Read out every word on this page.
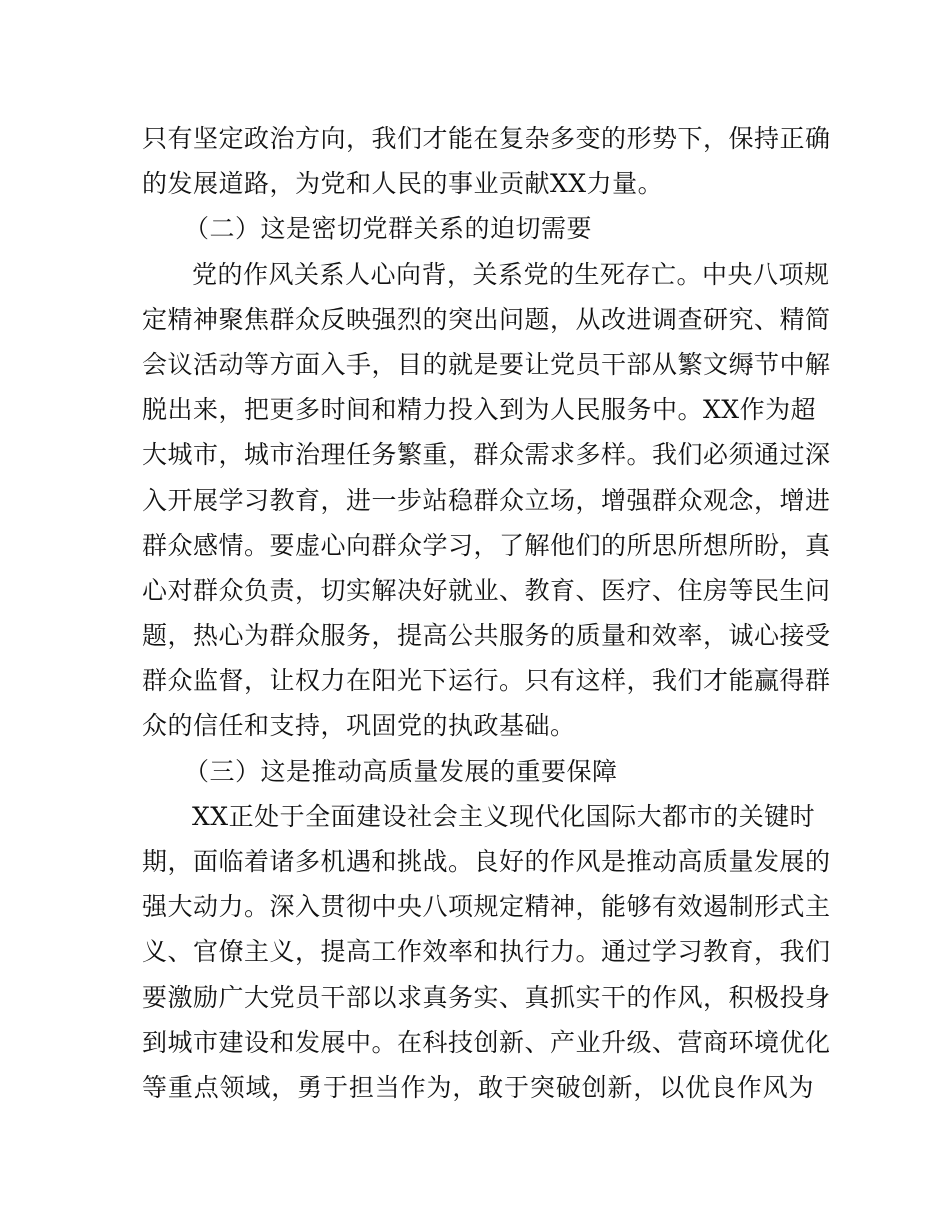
只有坚定政治方向，我们才能在复杂多变的形势下，保持正确
的发展道路，为党和人民的事业贡献XX力量。
（二）这是密切党群关系的迫切需要
党的作风关系人心向背，关系党的生死存亡。中央八项规
定精神聚焦群众反映强烈的突出问题，从改进调查研究、精简
会议活动等方面入手，目的就是要让党员干部从繁文缛节中解
脱出来，把更多时间和精力投入到为人民服务中。XX作为超
大城市，城市治理任务繁重，群众需求多样。我们必须通过深
入开展学习教育，进一步站稳群众立场，增强群众观念，增进
群众感情。要虚心向群众学习，了解他们的所思所想所盼，真
心对群众负责，切实解决好就业、教育、医疗、住房等民生问
题，热心为群众服务，提高公共服务的质量和效率，诚心接受
群众监督，让权力在阳光下运行。只有这样，我们才能赢得群
众的信任和支持，巩固党的执政基础。
（三）这是推动高质量发展的重要保障
XX正处于全面建设社会主义现代化国际大都市的关键时
期，面临着诸多机遇和挑战。良好的作风是推动高质量发展的
强大动力。深入贯彻中央八项规定精神，能够有效遏制形式主
义、官僚主义，提高工作效率和执行力。通过学习教育，我们
要激励广大党员干部以求真务实、真抓实干的作风，积极投身
到城市建设和发展中。在科技创新、产业升级、营商环境优化
等重点领域，勇于担当作为，敢于突破创新，以优良作风为
